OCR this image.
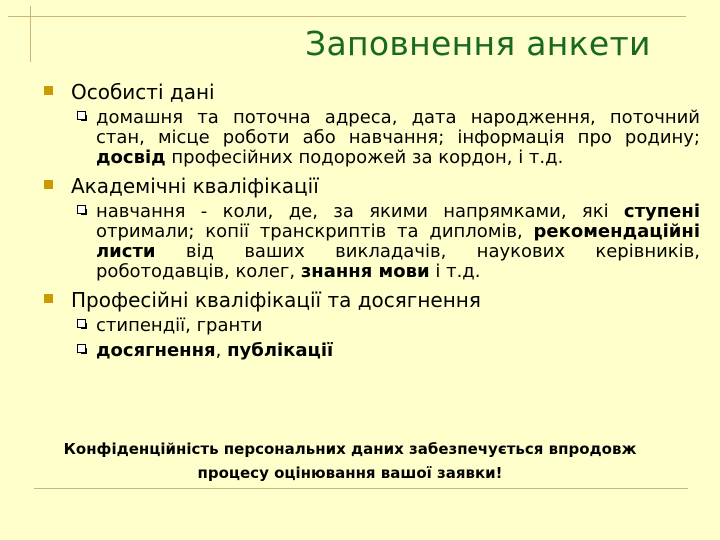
Заповнення анкети
Особисті дані
домашня та поточна адреса, дата народження, поточний стан, місце роботи або навчання; інформація про родину; досвід професійних подорожей за кордон, і т.д.
Академічні кваліфікації
навчання - коли, де, за якими напрямками, які ступені отримали; копії транскриптів та дипломів, рекомендаційні листи від ваших викладачів, наукових керівників, роботодавців, колег, знання мови і т.д.
Професійні кваліфікації та досягнення
стипендії, гранти
досягнення, публікації
Конфіденційність персональних даних забезпечується впродовж
процесу оцінювання вашої заявки!
